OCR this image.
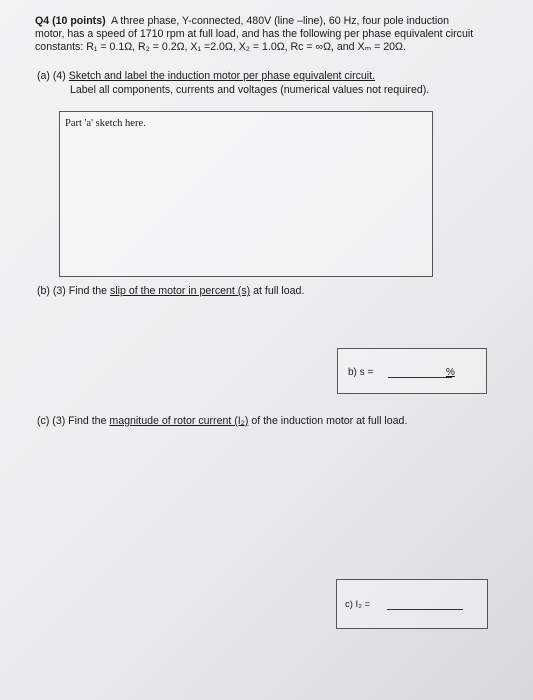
Q4 (10 points) A three phase, Y-connected, 480V (line –line), 60 Hz, four pole induction
motor, has a speed of 1710 rpm at full load, and has the following per phase equivalent circuit
constants: R₁ = 0.1Ω, R₂ = 0.2Ω, X₁ =2.0Ω, X₂ = 1.0Ω, Rc = ∞Ω, and Xₘ = 20Ω.
(a) (4) Sketch and label the induction motor per phase equivalent circuit.
Label all components, currents and voltages (numerical values not required).
Part 'a' sketch here.
(b) (3) Find the slip of the motor in percent (s) at full load.
b) s =	%
(c) (3) Find the magnitude of rotor current (I₂) of the induction motor at full load.
c) I₂ =
